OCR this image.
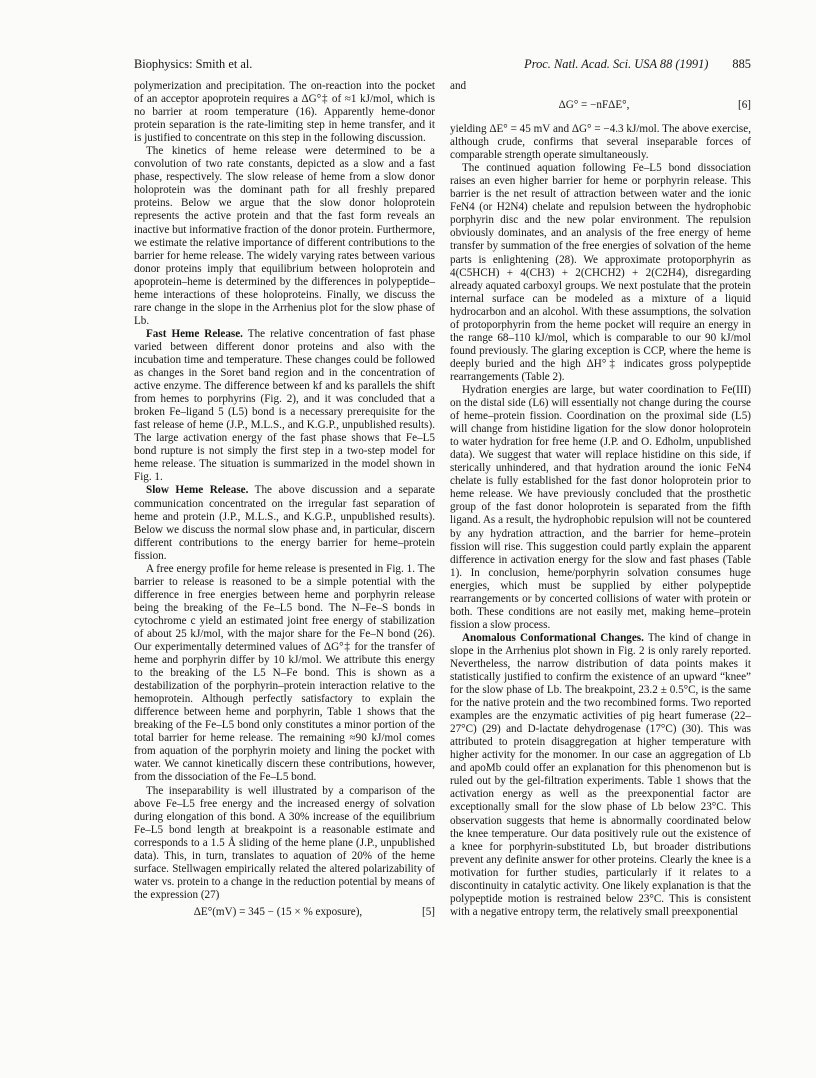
Biophysics: Smith et al.	Proc. Natl. Acad. Sci. USA 88 (1991) 885

polymerization and precipitation. The on-reaction into the pocket of an acceptor apoprotein requires a ΔG°‡ of ≈1 kJ/mol, which is no barrier at room temperature (16). Apparently heme-donor protein separation is the rate-limiting step in heme transfer, and it is justified to concentrate on this step in the following discussion.

The kinetics of heme release were determined to be a convolution of two rate constants, depicted as a slow and a fast phase, respectively. The slow release of heme from a slow donor holoprotein was the dominant path for all freshly prepared proteins. Below we argue that the slow donor holoprotein represents the active protein and that the fast form reveals an inactive but informative fraction of the donor protein. Furthermore, we estimate the relative importance of different contributions to the barrier for heme release. The widely varying rates between various donor proteins imply that equilibrium between holoprotein and apoprotein–heme is determined by the differences in polypeptide–heme interactions of these holoproteins. Finally, we discuss the rare change in the slope in the Arrhenius plot for the slow phase of Lb.

Fast Heme Release. The relative concentration of fast phase varied between different donor proteins and also with the incubation time and temperature. These changes could be followed as changes in the Soret band region and in the concentration of active enzyme. The difference between kf and ks parallels the shift from hemes to porphyrins (Fig. 2), and it was concluded that a broken Fe–ligand 5 (L5) bond is a necessary prerequisite for the fast release of heme (J.P., M.L.S., and K.G.P., unpublished results). The large activation energy of the fast phase shows that Fe–L5 bond rupture is not simply the first step in a two-step model for heme release. The situation is summarized in the model shown in Fig. 1.

Slow Heme Release. The above discussion and a separate communication concentrated on the irregular fast separation of heme and protein (J.P., M.L.S., and K.G.P., unpublished results). Below we discuss the normal slow phase and, in particular, discern different contributions to the energy barrier for heme–protein fission.

A free energy profile for heme release is presented in Fig. 1. The barrier to release is reasoned to be a simple potential with the difference in free energies between heme and porphyrin release being the breaking of the Fe–L5 bond. The N–Fe–S bonds in cytochrome c yield an estimated joint free energy of stabilization of about 25 kJ/mol, with the major share for the Fe–N bond (26). Our experimentally determined values of ΔG°‡ for the transfer of heme and porphyrin differ by 10 kJ/mol. We attribute this energy to the breaking of the L5 N–Fe bond. This is shown as a destabilization of the porphyrin–protein interaction relative to the hemoprotein. Although perfectly satisfactory to explain the difference between heme and porphyrin, Table 1 shows that the breaking of the Fe–L5 bond only constitutes a minor portion of the total barrier for heme release. The remaining ≈90 kJ/mol comes from aquation of the porphyrin moiety and lining the pocket with water. We cannot kinetically discern these contributions, however, from the dissociation of the Fe–L5 bond.

The inseparability is well illustrated by a comparison of the above Fe–L5 free energy and the increased energy of solvation during elongation of this bond. A 30% increase of the equilibrium Fe–L5 bond length at breakpoint is a reasonable estimate and corresponds to a 1.5 Å sliding of the heme plane (J.P., unpublished data). This, in turn, translates to aquation of 20% of the heme surface. Stellwagen empirically related the altered polarizability of water vs. protein to a change in the reduction potential by means of the expression (27)

ΔE°(mV) = 345 − (15 × % exposure),	[5]

and

ΔG° = −nFΔE°,	[6]

yielding ΔE° = 45 mV and ΔG° = −4.3 kJ/mol. The above exercise, although crude, confirms that several inseparable forces of comparable strength operate simultaneously.

The continued aquation following Fe–L5 bond dissociation raises an even higher barrier for heme or porphyrin release. This barrier is the net result of attraction between water and the ionic FeN4 (or H2N4) chelate and repulsion between the hydrophobic porphyrin disc and the new polar environment. The repulsion obviously dominates, and an analysis of the free energy of heme transfer by summation of the free energies of solvation of the heme parts is enlightening (28). We approximate protoporphyrin as 4(C5HCH) + 4(CH3) + 2(CHCH2) + 2(C2H4), disregarding already aquated carboxyl groups. We next postulate that the protein internal surface can be modeled as a mixture of a liquid hydrocarbon and an alcohol. With these assumptions, the solvation of protoporphyrin from the heme pocket will require an energy in the range 68–110 kJ/mol, which is comparable to our 90 kJ/mol found previously. The glaring exception is CCP, where the heme is deeply buried and the high ΔH°‡ indicates gross polypeptide rearrangements (Table 2).

Hydration energies are large, but water coordination to Fe(III) on the distal side (L6) will essentially not change during the course of heme–protein fission. Coordination on the proximal side (L5) will change from histidine ligation for the slow donor holoprotein to water hydration for free heme (J.P. and O. Edholm, unpublished data). We suggest that water will replace histidine on this side, if sterically unhindered, and that hydration around the ionic FeN4 chelate is fully established for the fast donor holoprotein prior to heme release. We have previously concluded that the prosthetic group of the fast donor holoprotein is separated from the fifth ligand. As a result, the hydrophobic repulsion will not be countered by any hydration attraction, and the barrier for heme–protein fission will rise. This suggestion could partly explain the apparent difference in activation energy for the slow and fast phases (Table 1). In conclusion, heme/porphyrin solvation consumes huge energies, which must be supplied by either polypeptide rearrangements or by concerted collisions of water with protein or both. These conditions are not easily met, making heme–protein fission a slow process.

Anomalous Conformational Changes. The kind of change in slope in the Arrhenius plot shown in Fig. 2 is only rarely reported. Nevertheless, the narrow distribution of data points makes it statistically justified to confirm the existence of an upward “knee” for the slow phase of Lb. The breakpoint, 23.2 ± 0.5°C, is the same for the native protein and the two recombined forms. Two reported examples are the enzymatic activities of pig heart fumerase (22–27°C) (29) and D-lactate dehydrogenase (17°C) (30). This was attributed to protein disaggregation at higher temperature with higher activity for the monomer. In our case an aggregation of Lb and apoMb could offer an explanation for this phenomenon but is ruled out by the gel-filtration experiments. Table 1 shows that the activation energy as well as the preexponential factor are exceptionally small for the slow phase of Lb below 23°C. This observation suggests that heme is abnormally coordinated below the knee temperature. Our data positively rule out the existence of a knee for porphyrin-substituted Lb, but broader distributions prevent any definite answer for other proteins. Clearly the knee is a motivation for further studies, particularly if it relates to a discontinuity in catalytic activity. One likely explanation is that the polypeptide motion is restrained below 23°C. This is consistent with a negative entropy term, the relatively small preexponential
